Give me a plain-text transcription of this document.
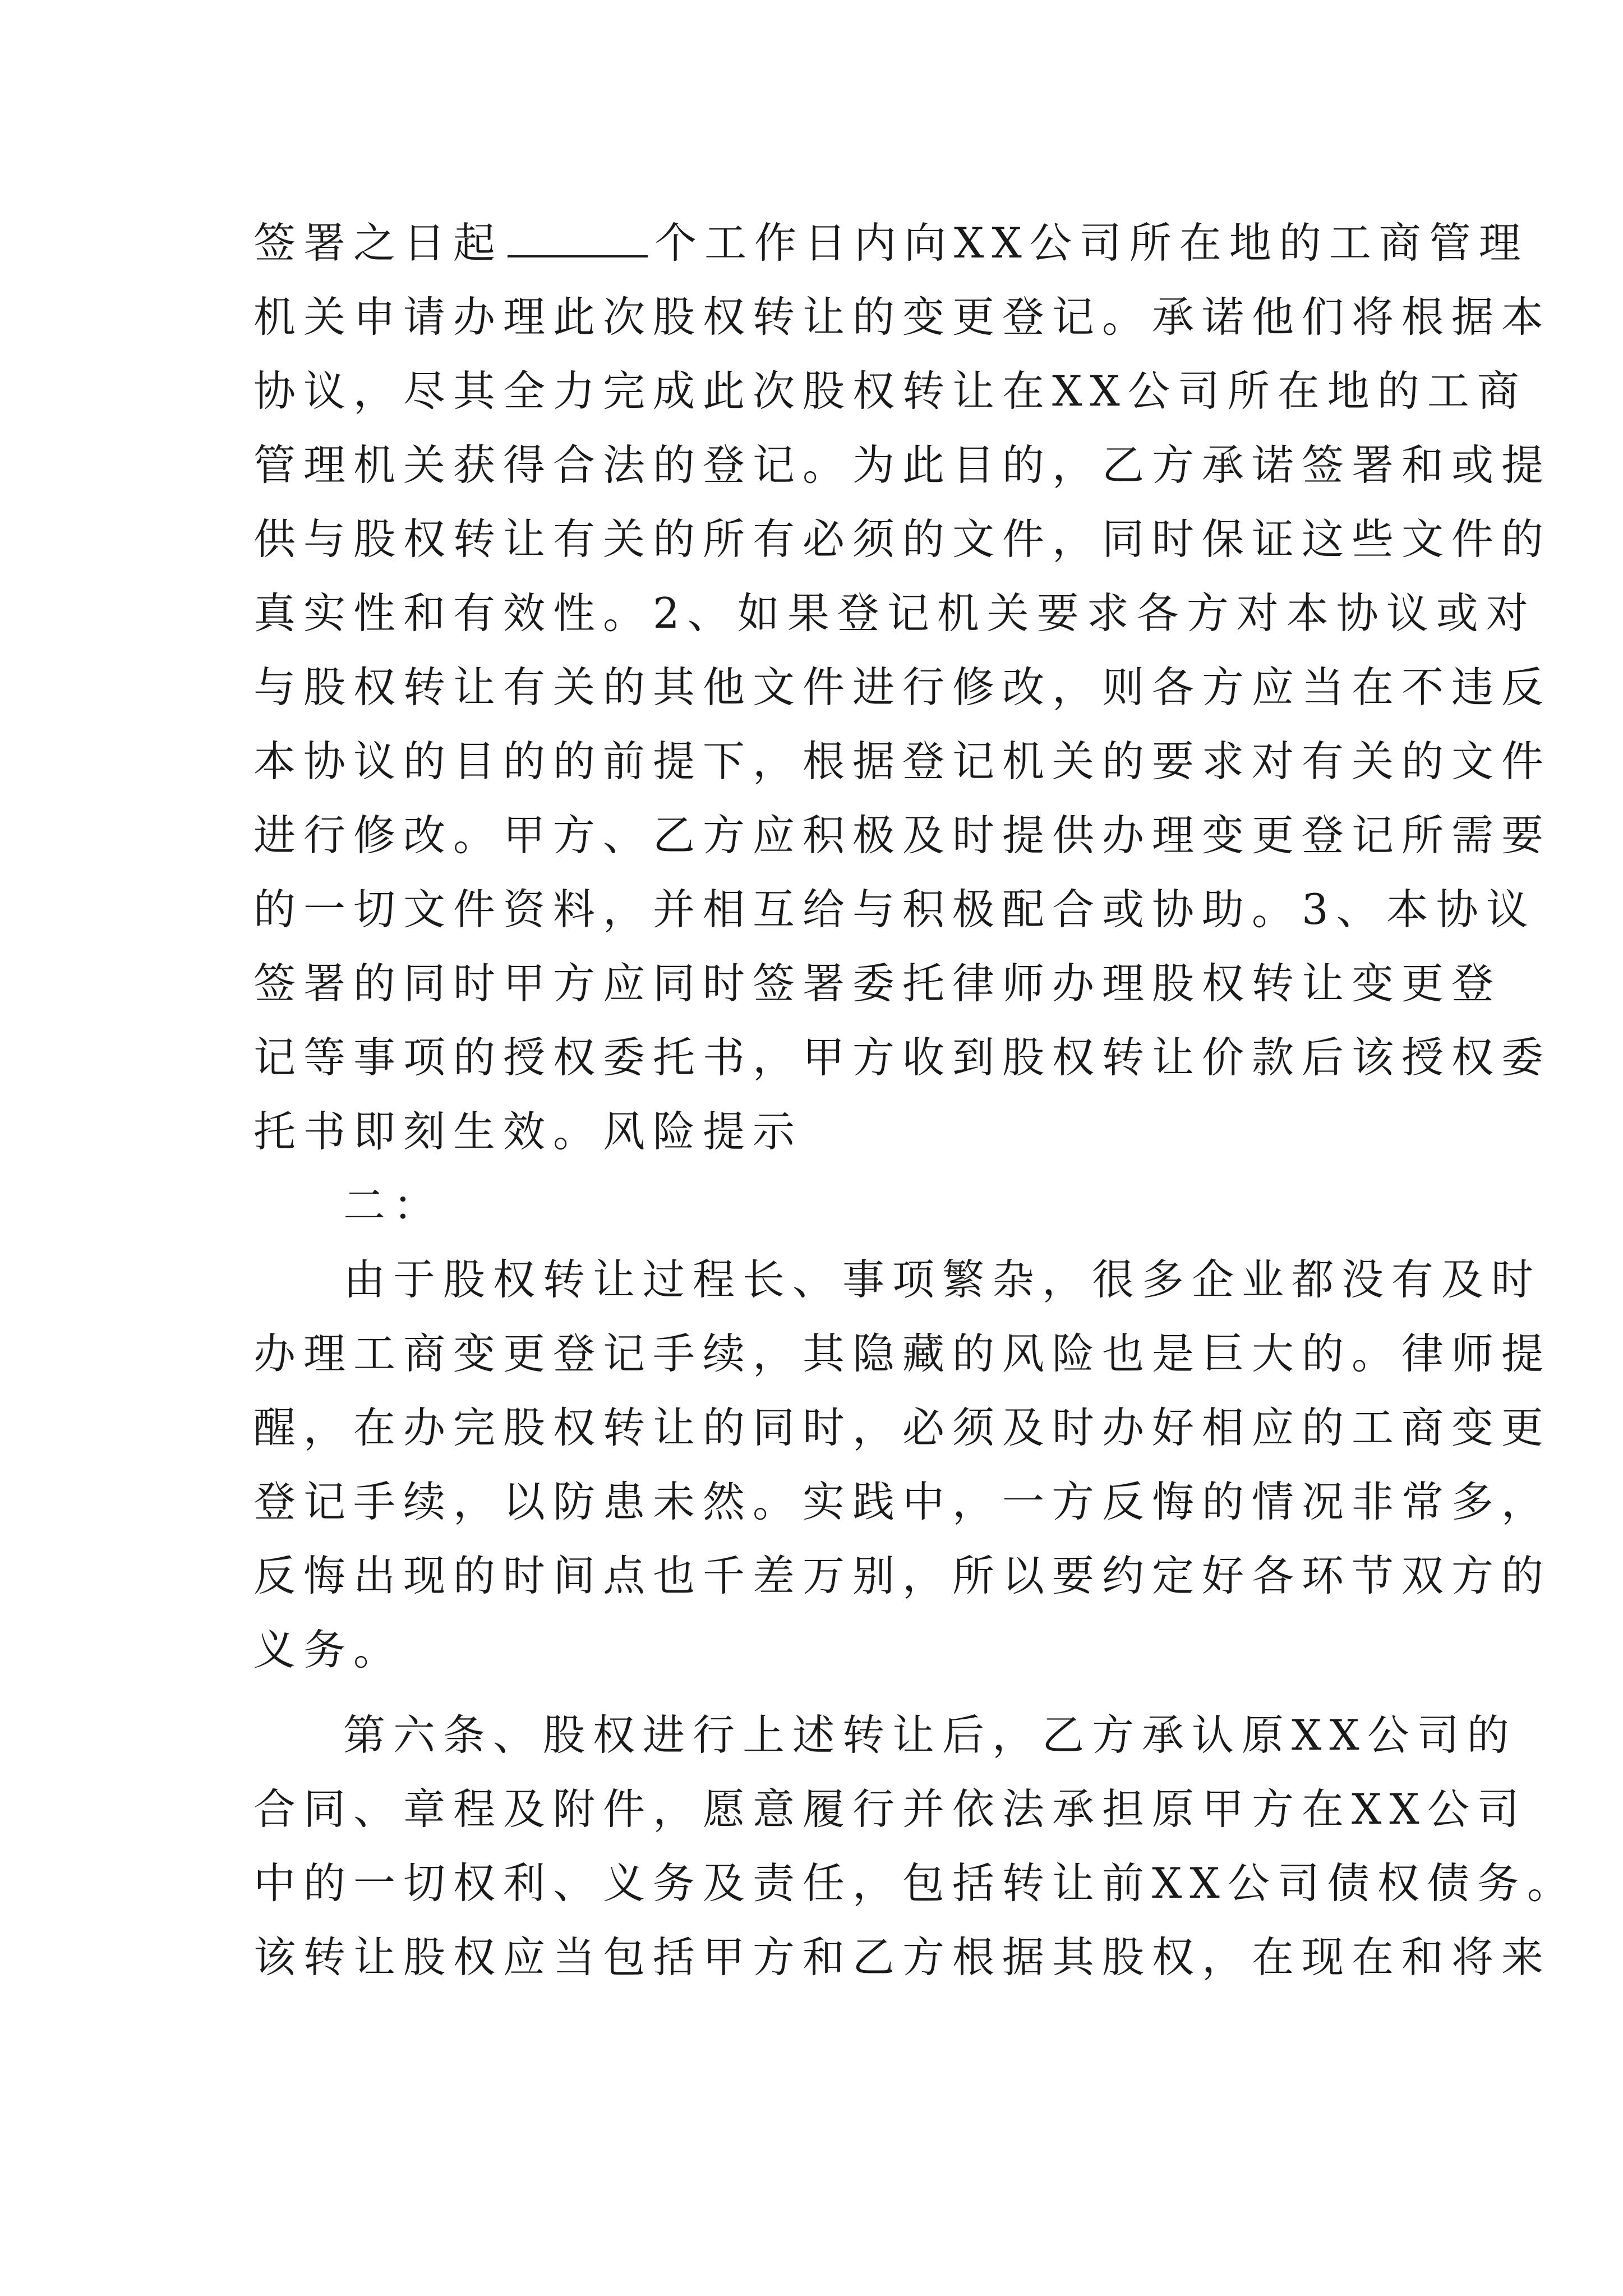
签署之日起	个工作日内向XX公司所在地的工商管理
机关申请办理此次股权转让的变更登记。承诺他们将根据本
协议，尽其全力完成此次股权转让在XX公司所在地的工商
管理机关获得合法的登记。为此目的，乙方承诺签署和或提
供与股权转让有关的所有必须的文件，同时保证这些文件的
真实性和有效性。2、如果登记机关要求各方对本协议或对
与股权转让有关的其他文件进行修改，则各方应当在不违反
本协议的目的的前提下，根据登记机关的要求对有关的文件
进行修改。甲方、乙方应积极及时提供办理变更登记所需要
的一切文件资料，并相互给与积极配合或协助。3、本协议
签署的同时甲方应同时签署委托律师办理股权转让变更登
记等事项的授权委托书，甲方收到股权转让价款后该授权委
托书即刻生效。风险提示
二：
由于股权转让过程长、事项繁杂，很多企业都没有及时
办理工商变更登记手续，其隐藏的风险也是巨大的。律师提
醒，在办完股权转让的同时，必须及时办好相应的工商变更
登记手续，以防患未然。实践中，一方反悔的情况非常多，
反悔出现的时间点也千差万别，所以要约定好各环节双方的
义务。
第六条、股权进行上述转让后，乙方承认原XX公司的
合同、章程及附件，愿意履行并依法承担原甲方在XX公司
中的一切权利、义务及责任，包括转让前XX公司债权债务。
该转让股权应当包括甲方和乙方根据其股权，在现在和将来
